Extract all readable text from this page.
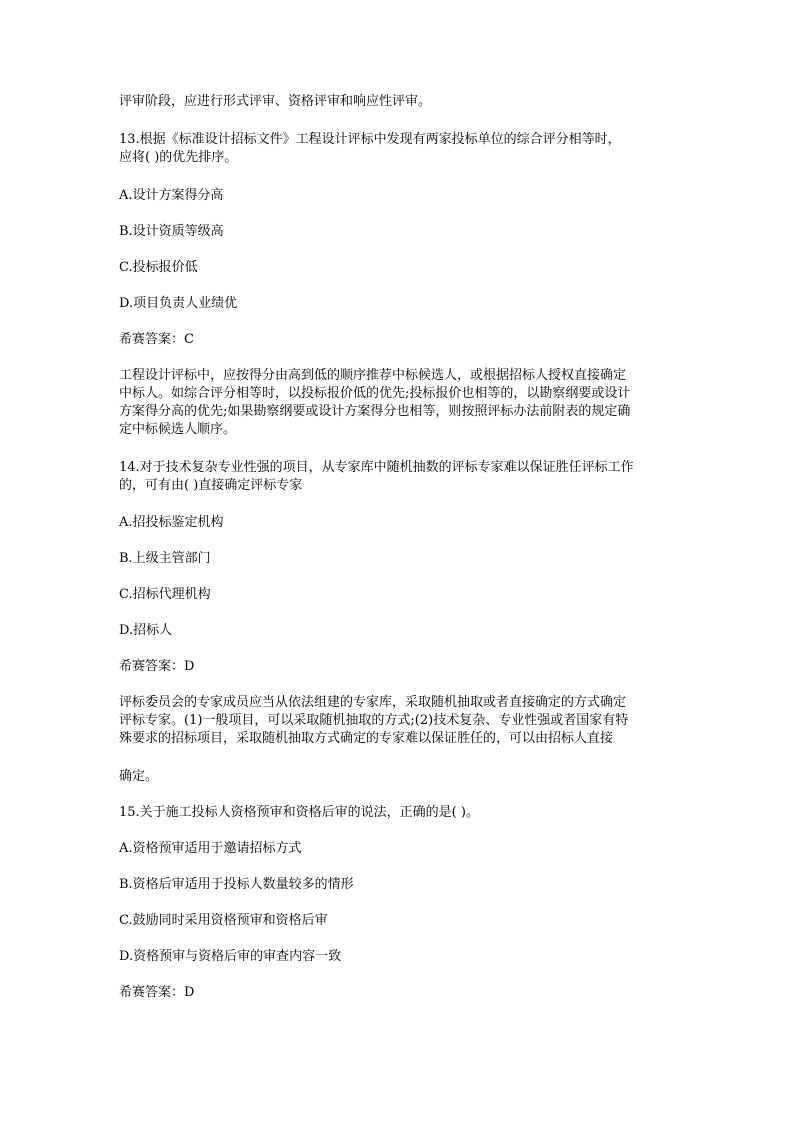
评审阶段，应进行形式评审、资格评审和响应性评审。

13.根据《标准设计招标文件》工程设计评标中发现有两家投标单位的综合评分相等时，
应将( )的优先排序。

A.设计方案得分高

B.设计资质等级高

C.投标报价低

D.项目负责人业绩优

希赛答案：C

工程设计评标中，应按得分由高到低的顺序推荐中标候选人，或根据招标人授权直接确定
中标人。如综合评分相等时，以投标报价低的优先;投标报价也相等的，以勘察纲要或设计
方案得分高的优先;如果勘察纲要或设计方案得分也相等，则按照评标办法前附表的规定确
定中标候选人顺序。

14.对于技术复杂专业性强的项目，从专家库中随机抽数的评标专家难以保证胜任评标工作
的，可有由( )直接确定评标专家

A.招投标鉴定机构

B.上级主管部门

C.招标代理机构

D.招标人

希赛答案：D

评标委员会的专家成员应当从依法组建的专家库，采取随机抽取或者直接确定的方式确定
评标专家。(1)一般项目，可以采取随机抽取的方式;(2)技术复杂、专业性强或者国家有特
殊要求的招标项目，采取随机抽取方式确定的专家难以保证胜任的，可以由招标人直接

确定。

15.关于施工投标人资格预审和资格后审的说法，正确的是( )。

A.资格预审适用于邀请招标方式

B.资格后审适用于投标人数量较多的情形

C.鼓励同时采用资格预审和资格后审

D.资格预审与资格后审的审查内容一致

希赛答案：D
